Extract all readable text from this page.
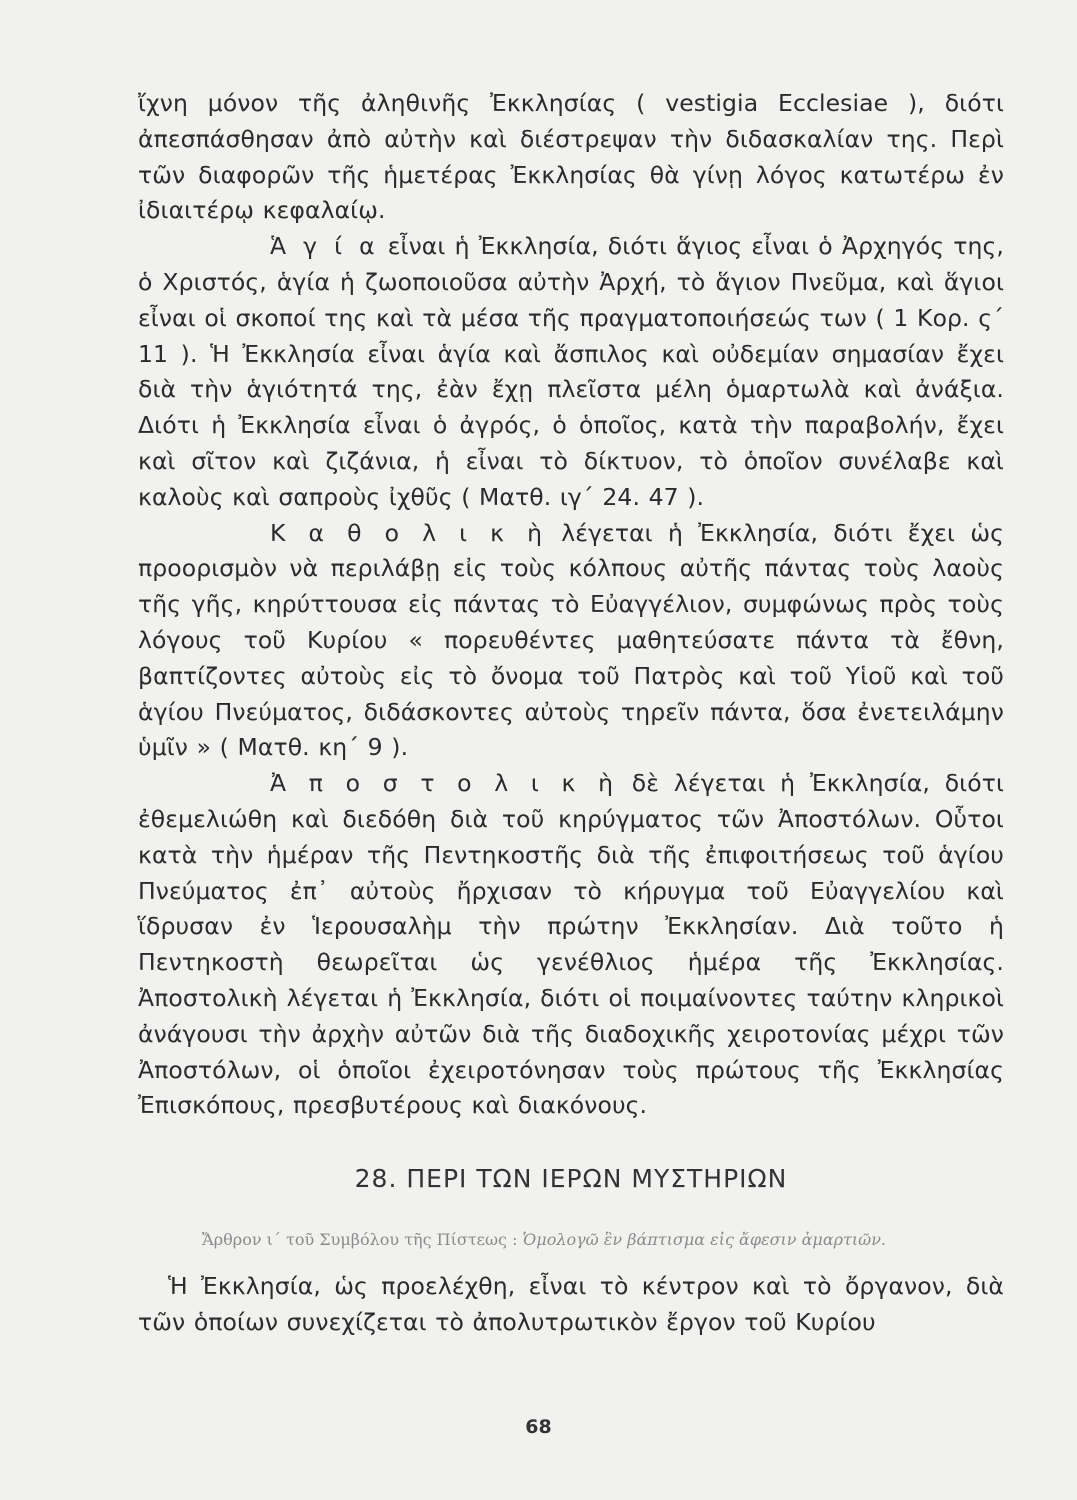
ἴχνη μόνον τῆς ἀληθινῆς Ἐκκλησίας ( vestigia Ecclesiae ), διότι ἀπεσπάσθησαν ἀπὸ αὐτὴν καὶ διέστρεψαν τὴν διδασκαλίαν της. Περὶ τῶν διαφορῶν τῆς ἡμετέρας Ἐκκλησίας θὰ γίνῃ λόγος κατωτέρω ἐν ἰδιαιτέρῳ κεφαλαίῳ.

Ἁ γ ί α εἶναι ἡ Ἐκκλησία, διότι ἅγιος εἶναι ὁ Ἀρχηγός της, ὁ Χριστός, ἁγία ἡ ζωοποιοῦσα αὐτὴν Ἀρχή, τὸ ἅγιον Πνεῦμα, καὶ ἅγιοι εἶναι οἱ σκοποί της καὶ τὰ μέσα τῆς πραγματοποιήσεώς των ( 1 Κορ. ς΄ 11 ). Ἡ Ἐκκλησία εἶναι ἁγία καὶ ἄσπιλος καὶ οὐδεμίαν σημασίαν ἔχει διὰ τὴν ἁγιότητά της, ἐὰν ἔχῃ πλεῖστα μέλη ὁμαρτωλὰ καὶ ἀνάξια. Διότι ἡ Ἐκκλησία εἶναι ὁ ἀγρός, ὁ ὁποῖος, κατὰ τὴν παραβολήν, ἔχει καὶ σῖτον καὶ ζιζάνια, ἡ εἶναι τὸ δίκτυον, τὸ ὁποῖον συνέλαβε καὶ καλοὺς καὶ σαπροὺς ἰχθῦς ( Ματθ. ιγ΄ 24. 47 ).

Κ α θ ο λ ι κ ὴ λέγεται ἡ Ἐκκλησία, διότι ἔχει ὡς προορισμὸν νὰ περιλάβῃ εἰς τοὺς κόλπους αὐτῆς πάντας τοὺς λαοὺς τῆς γῆς, κηρύττουσα εἰς πάντας τὸ Εὐαγγέλιον, συμφώνως πρὸς τοὺς λόγους τοῦ Κυρίου « πορευθέντες μαθητεύσατε πάντα τὰ ἔθνη, βαπτίζοντες αὐτοὺς εἰς τὸ ὄνομα τοῦ Πατρὸς καὶ τοῦ Υἱοῦ καὶ τοῦ ἁγίου Πνεύματος, διδάσκοντες αὐτοὺς τηρεῖν πάντα, ὅσα ἐνετειλάμην ὑμῖν » ( Ματθ. κη΄ 9 ).

Ἀ π ο σ τ ο λ ι κ ὴ δὲ λέγεται ἡ Ἐκκλησία, διότι ἐθεμελιώθη καὶ διεδόθη διὰ τοῦ κηρύγματος τῶν Ἀποστόλων. Οὗτοι κατὰ τὴν ἡμέραν τῆς Πεντηκοστῆς διὰ τῆς ἐπιφοιτήσεως τοῦ ἁγίου Πνεύματος ἐπ᾽ αὐτοὺς ἤρχισαν τὸ κήρυγμα τοῦ Εὐαγγελίου καὶ ἵδρυσαν ἐν Ἱερουσαλὴμ τὴν πρώτην Ἐκκλησίαν. Διὰ τοῦτο ἡ Πεντηκοστὴ θεωρεῖται ὡς γενέθλιος ἡμέρα τῆς Ἐκκλησίας. Ἀποστολικὴ λέγεται ἡ Ἐκκλησία, διότι οἱ ποιμαίνοντες ταύτην κληρικοὶ ἀνάγουσι τὴν ἀρχὴν αὐτῶν διὰ τῆς διαδοχικῆς χειροτονίας μέχρι τῶν Ἀποστόλων, οἱ ὁποῖοι ἐχειροτόνησαν τοὺς πρώτους τῆς Ἐκκλησίας Ἐπισκόπους, πρεσβυτέρους καὶ διακόνους.

28. ΠΕΡΙ ΤΩΝ ΙΕΡΩΝ ΜΥΣΤΗΡΙΩΝ

Ἄρθρον ι΄ τοῦ Συμβόλου τῆς Πίστεως : Ὁμολογῶ ἓν βάπτισμα εἰς ἄφεσιν ἁμαρτιῶν.

Ἡ Ἐκκλησία, ὡς προελέχθη, εἶναι τὸ κέντρον καὶ τὸ ὄργανον, διὰ τῶν ὁποίων συνεχίζεται τὸ ἀπολυτρωτικὸν ἔργον τοῦ Κυρίου

68
